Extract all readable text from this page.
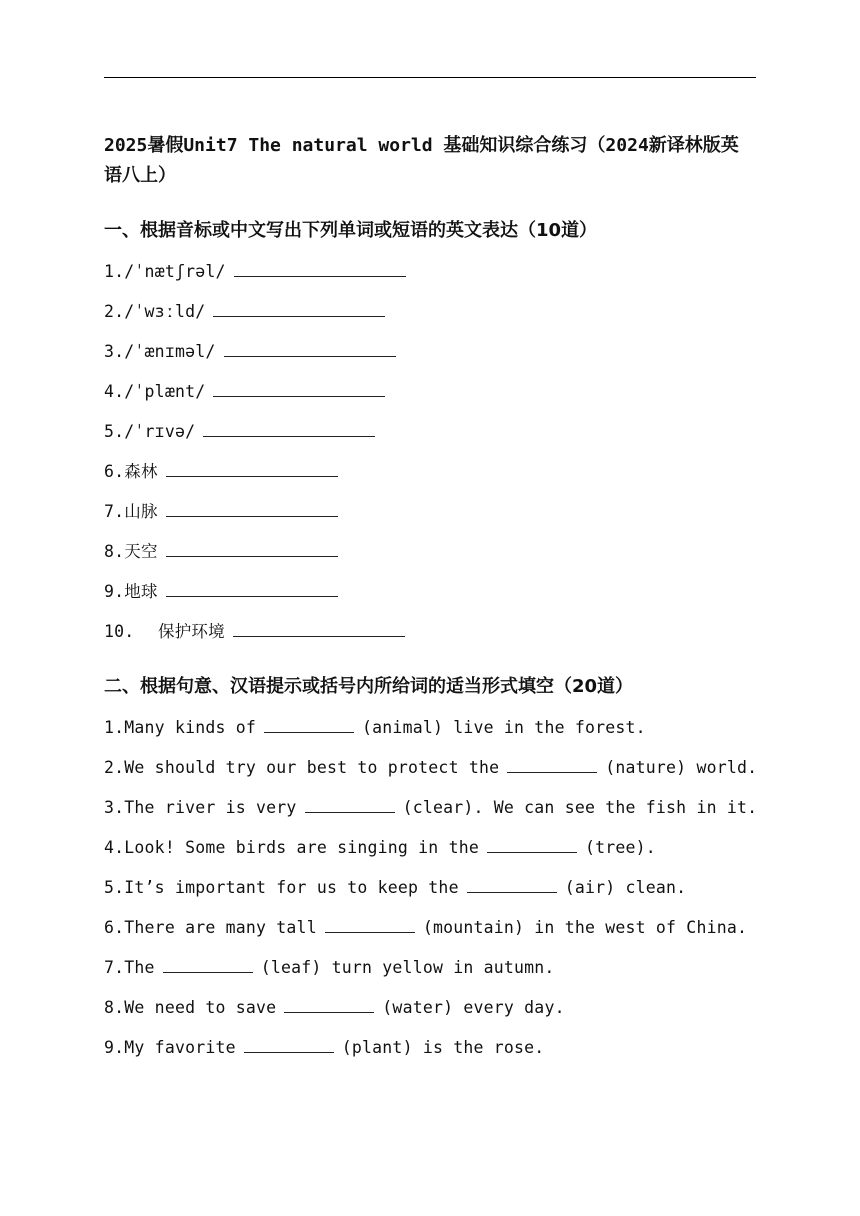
2025暑假Unit7 The natural world 基础知识综合练习（2024新译林版英语八上）
一、根据音标或中文写出下列单词或短语的英文表达（10道）
1./ˈnætʃrəl/
2./ˈwɜːld/
3./ˈænɪməl/
4./ˈplænt/
5./ˈrɪvə/
6.森林
7.山脉
8.天空
9.地球
10. 保护环境
二、根据句意、汉语提示或括号内所给词的适当形式填空（20道）
1.Many kinds of	(animal) live in the forest.
2.We should try our best to protect the	(nature) world.
3.The river is very	(clear). We can see the fish in it.
4.Look! Some birds are singing in the	(tree).
5.It’s important for us to keep the	(air) clean.
6.There are many tall	(mountain) in the west of China.
7.The	(leaf) turn yellow in autumn.
8.We need to save	(water) every day.
9.My favorite	(plant) is the rose.
